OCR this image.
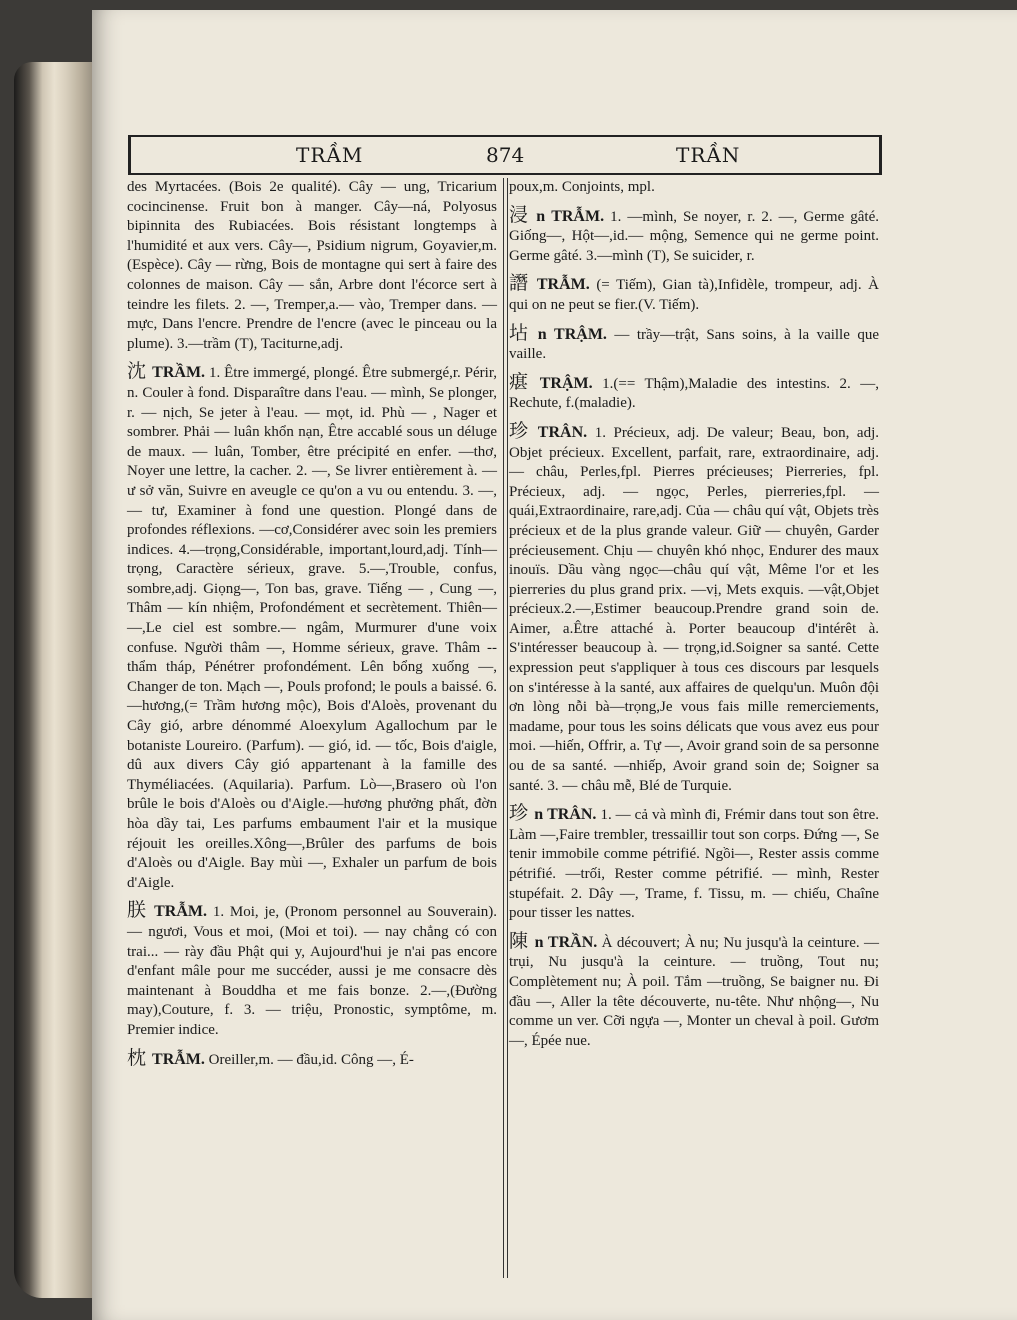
TRẦM	874	TRẦN

des Myrtacées. (Bois 2e qualité). Cây — ung, Tricarium cocincinense. Fruit bon à manger. Cây—ná, Polyosus bipinnita des Rubiacées. Bois résistant longtemps à l'humidité et aux vers. Cây—, Psidium nigrum, Goyavier,m. (Espèce). Cây — rừng, Bois de montagne qui sert à faire des colonnes de maison. Cây — sắn, Arbre dont l'écorce sert à teindre les filets. 2. —, Tremper,a.— vào, Tremper dans. — mực, Dans l'encre. Prendre de l'encre (avec le pinceau ou la plume). 3.—trầm (T), Taciturne,adj.

沈 TRẦM. 1. Être immergé, plongé. Être submergé,r. Périr, n. Couler à fond. Disparaître dans l'eau. — mình, Se plonger, r. — nịch, Se jeter à l'eau. — mọt, id. Phù — , Nager et sombrer. Phải — luân khổn nạn, Être accablé sous un déluge de maux. — luân, Tomber, être précipité en enfer. —thơ, Noyer une lettre, la cacher. 2. —, Se livrer entièrement à. — ư sở văn, Suivre en aveugle ce qu'on a vu ou entendu. 3. —, — tư, Examiner à fond une question. Plongé dans de profondes réflexions. —cơ,Considérer avec soin les premiers indices. 4.—trọng,Considérable, important,lourd,adj. Tính—trọng, Caractère sérieux, grave. 5.—,Trouble, confus, sombre,adj. Giọng—, Ton bas, grave. Tiếng — , Cung —, Thâm — kín nhiệm, Profondément et secrètement. Thiên— —,Le ciel est sombre.— ngâm, Murmurer d'une voix confuse. Người thâm —, Homme sérieux, grave. Thâm -- thẩm tháp, Pénétrer profondément. Lên bổng xuống —, Changer de ton. Mạch —, Pouls profond; le pouls a baissé. 6. —hương,(= Trầm hương mộc), Bois d'Aloès, provenant du Cây gió, arbre dénommé Aloexylum Agallochum par le botaniste Loureiro. (Parfum). — gió, id. — tốc, Bois d'aigle, dû aux divers Cây gió appartenant à la famille des Thyméliacées. (Aquilaria). Parfum. Lò—,Brasero où l'on brûle le bois d'Aloès ou d'Aigle.—hương phưởng phất, đờn hòa dầy tai, Les parfums embaument l'air et la musique réjouit les oreilles.Xông—,Brûler des parfums de bois d'Aloès ou d'Aigle. Bay mùi —, Exhaler un parfum de bois d'Aigle.

朕 TRẪM. 1. Moi, je, (Pronom personnel au Souverain). — ngươi, Vous et moi, (Moi et toi). — nay chẳng có con trai... — rày đầu Phật qui y, Aujourd'hui je n'ai pas encore d'enfant mâle pour me succéder, aussi je me consacre dès maintenant à Bouddha et me fais bonze. 2.—,(Đường may),Couture, f. 3. — triệu, Pronostic, symptôme, m. Premier indice.

枕 TRẪM. Oreiller,m. — đầu,id. Công —, É-

poux,m. Conjoints, mpl.

浸 n TRẪM. 1. —mình, Se noyer, r. 2. —, Germe gâté. Giống—, Hột—,id.— mộng, Semence qui ne germe point. Germe gâté. 3.—mình (T), Se suicider, r.

譖 TRẪM. (= Tiếm), Gian tà),Infidèle, trompeur, adj. À qui on ne peut se fier.(V. Tiếm).

坫 n TRẬM. — trầy—trật, Sans soins, à la vaille que vaille.

瘎 TRẬM. 1.(== Thậm),Maladie des intestins. 2. —, Rechute, f.(maladie).

珍 TRÂN. 1. Précieux, adj. De valeur; Beau, bon, adj. Objet précieux. Excellent, parfait, rare, extraordinaire, adj. — châu, Perles,fpl. Pierres précieuses; Pierreries, fpl. Précieux, adj. — ngọc, Perles, pierreries,fpl. —quái,Extraordinaire, rare,adj. Của — châu quí vật, Objets très précieux et de la plus grande valeur. Giữ — chuyên, Garder précieusement. Chịu — chuyên khó nhọc, Endurer des maux inouïs. Dầu vàng ngọc—châu quí vật, Même l'or et les pierreries du plus grand prix. —vị, Mets exquis. —vật,Objet précieux.2.—,Estimer beaucoup.Prendre grand soin de. Aimer, a.Être attaché à. Porter beaucoup d'intérêt à. S'intéresser beaucoup à. — trọng,id.Soigner sa santé. Cette expression peut s'appliquer à tous ces discours par lesquels on s'intéresse à la santé, aux affaires de quelqu'un. Muôn đội ơn lòng nỗi bà—trọng,Je vous fais mille remerciements, madame, pour tous les soins délicats que vous avez eus pour moi. —hiến, Offrir, a. Tự —, Avoir grand soin de sa personne ou de sa santé. —nhiếp, Avoir grand soin de; Soigner sa santé. 3. — châu mễ, Blé de Turquie.

珍 n TRÂN. 1. — cả và mình đi, Frémir dans tout son être. Làm —,Faire trembler, tressaillir tout son corps. Đứng —, Se tenir immobile comme pétrifié. Ngồi—, Rester assis comme pétrifié. —trối, Rester comme pétrifié. — mình, Rester stupéfait. 2. Dây —, Trame, f. Tissu, m. — chiếu, Chaîne pour tisser les nattes.

陳 n TRẦN. À découvert; À nu; Nu jusqu'à la ceinture. —trụi, Nu jusqu'à la ceinture. — truồng, Tout nu; Complètement nu; À poil. Tắm —truồng, Se baigner nu. Đi đầu —, Aller la tête découverte, nu-tête. Như nhộng—, Nu comme un ver. Cỡi ngựa —, Monter un cheval à poil. Gươm —, Épée nue.
